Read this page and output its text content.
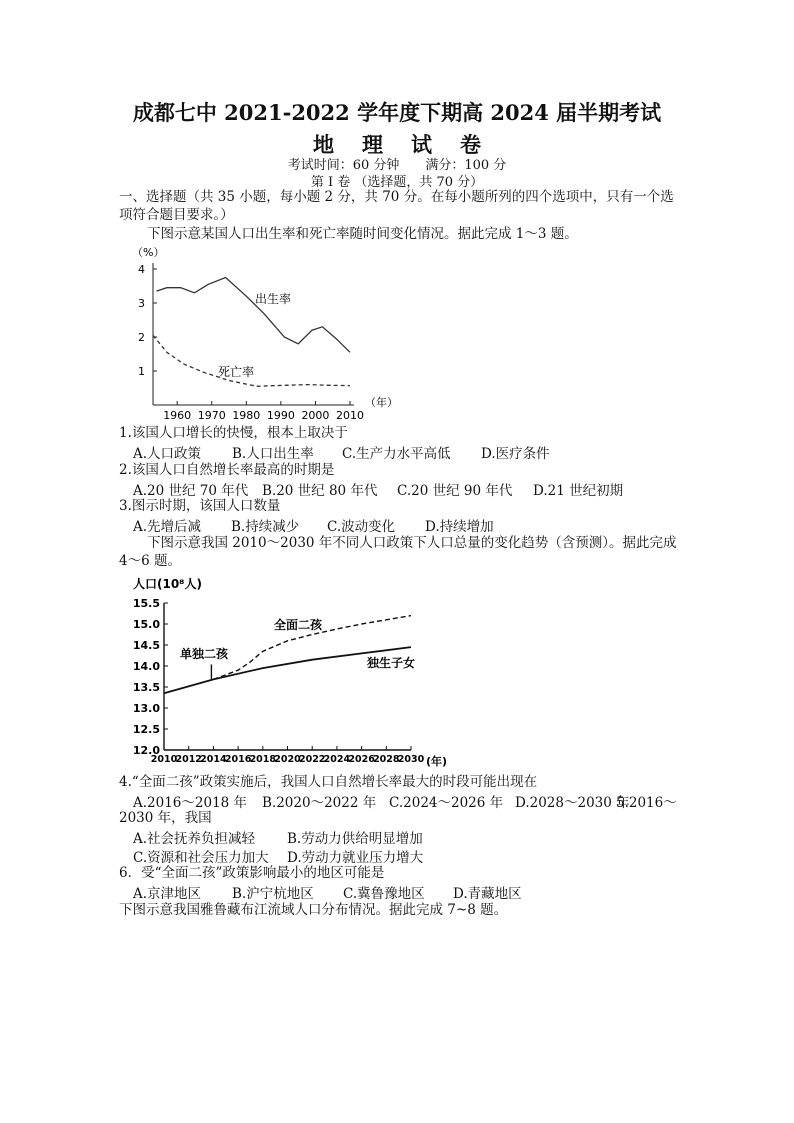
成都七中 2021-2022 学年度下期高 2024 届半期考试
地理试卷
考试时间：60 分钟　　满分：100 分
第 I 卷 （选择题，共 70 分）
一、选择题（共 35 小题，每小题 2 分，共 70 分。在每小题所列的四个选项中，只有一个选项符合题目要求。）
下图示意某国人口出生率和死亡率随时间变化情况。据此完成 1～3 题。
1
2
3
4
1960 1970 1980 1990 2000 2010
（%）
（年）
出生率
死亡率
1.该国人口增长的快慢，根本上取决于
A.人口政策 B.人口出生率 C.生产力水平高低 D.医疗条件
2.该国人口自然增长率最高的时期是
A.20 世纪 70 年代 B.20 世纪 80 年代 C.20 世纪 90 年代 D.21 世纪初期
3.图示时期，该国人口数量
A.先增后减 B.持续减少 C.波动变化 D.持续增加
下图示意我国 2010～2030 年不同人口政策下人口总量的变化趋势（含预测）。据此完成 4～6 题。
15.5
15.0
14.5
14.0
13.5
13.0
12.5
12.0
2010
2012
2014
2016
2018
2020
2022
2024
2026
2028
2030
人口(10⁸人)
(年)
全面二孩
单独二孩
独生子女
4.“全面二孩”政策实施后，我国人口自然增长率最大的时段可能出现在
A.2016～2018 年 B.2020～2022 年 C.2024～2026 年 D.2028～2030 年
5.2016～
2030 年，我国
A.社会抚养负担减轻 B.劳动力供给明显增加
C.资源和社会压力加大 D.劳动力就业压力增大
6．受“全面二孩”政策影响最小的地区可能是
A.京津地区 B.沪宁杭地区 C.冀鲁豫地区 D.青藏地区
下图示意我国雅鲁藏布江流域人口分布情况。据此完成 7~8 题。
